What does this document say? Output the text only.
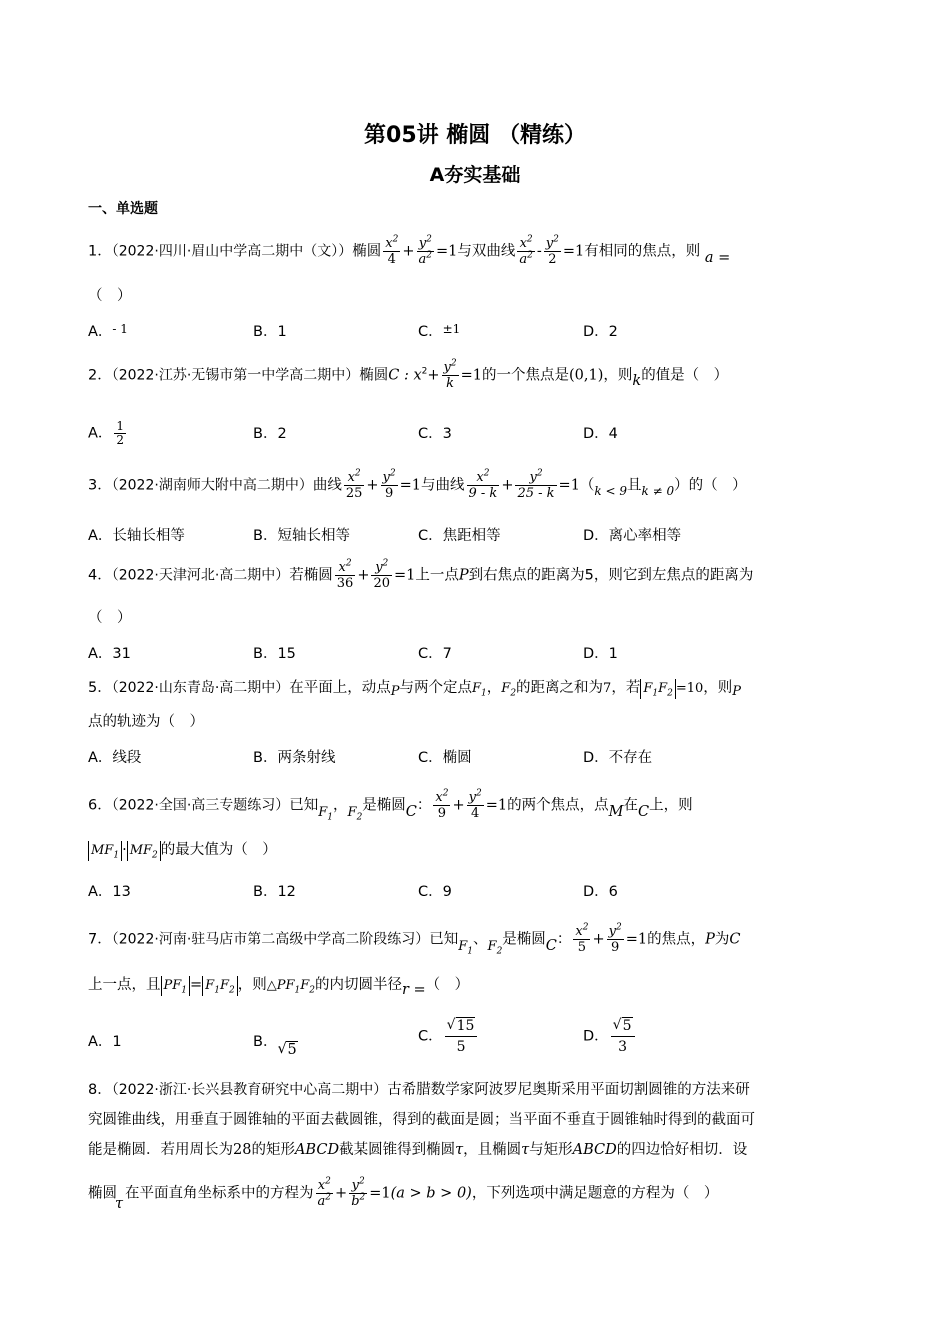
第05讲 椭圆 （精练）
A夯实基础
一、单选题
1．（2022·四川·眉山中学高二期中（文））椭圆 $\frac{x^2}{4} + \frac{y^2}{a^2} =1$与双曲线 $\frac{x^2}{a^2} - \frac{y^2}{2} =1$有相同的焦点，则 a =
（　）
A．$^{- 1}$	B．1	C．$^{\pm 1}$	D．2
2．（2022·江苏·无锡市第一中学高二期中）椭圆C : $x^2+ \frac{y^2}{k} =1$的一个焦点是(0,1)，则k的值是（　）
A． $\frac{1}{2}$	B．2	C．3	D．4
3．（2022·湖南师大附中高二期中）曲线 $\frac{x^2}{25} + \frac{y^2}{9} =1$与曲线 $\frac{x^2}{9 - k} + \frac{y^2}{25 - k} =1(_{k < 9}$且$_{k \ne 0}$）的（　）
A．长轴长相等	B．短轴长相等	C．焦距相等	D．离心率相等
4．（2022·天津河北·高二期中）若椭圆 $\frac{x^2}{36} + \frac{y^2}{20} =1$上一点P到右焦点的距离为5，则它到左焦点的距离为
（　）
A．31	B．15	C．7	D．1
5．（2022·山东青岛·高二期中）在平面上，动点P与两个定点$F_1$，$F_2$的距离之和为7，若 $F_1F_2 =10$，则P
点的轨迹为（　）
A．线段	B．两条射线	C．椭圆	D．不存在
6．（2022·全国·高三专题练习）已知$F_1$，$F_2$是椭圆C： $\frac{x^2}{9} + \frac{y^2}{4} =1$的两个焦点，点M在C上，则
$MF_1 \cdot MF_2$ 的最大值为（　）
A．13	B．12	C．9	D．6
7．（2022·河南·驻马店市第二高级中学高二阶段练习）已知$F_1$、$F_2$是椭圆C： $\frac{x^2}{5} + \frac{y^2}{9} =1$的焦点，P为C
上一点，且 $PF_1 = F_1F_2$ ，则$\triangle PF_1F_2$的内切圆半径r =（　）
A．1	B． √ 5
C． √ $\frac{15}{5}$	D． √ $\frac{5}{3}$
8．（2022·浙江·长兴县教育研究中心高二期中）古希腊数学家阿波罗尼奥斯采用平面切割圆锥的方法来研
究圆锥曲线，用垂直于圆锥轴的平面去截圆锥，得到的截面是圆；当平面不垂直于圆锥轴时得到的截面可
能是椭圆．若用周长为28的矩形ABCD截某圆锥得到椭圆τ，且椭圆τ与矩形ABCD的四边恰好相切．设
椭圆τ在平面直角坐标系中的方程为 $\frac{x^2}{a^2} + \frac{y^2}{b^2} =1(a > b > 0)$，下列选项中满足题意的方程为（　）
